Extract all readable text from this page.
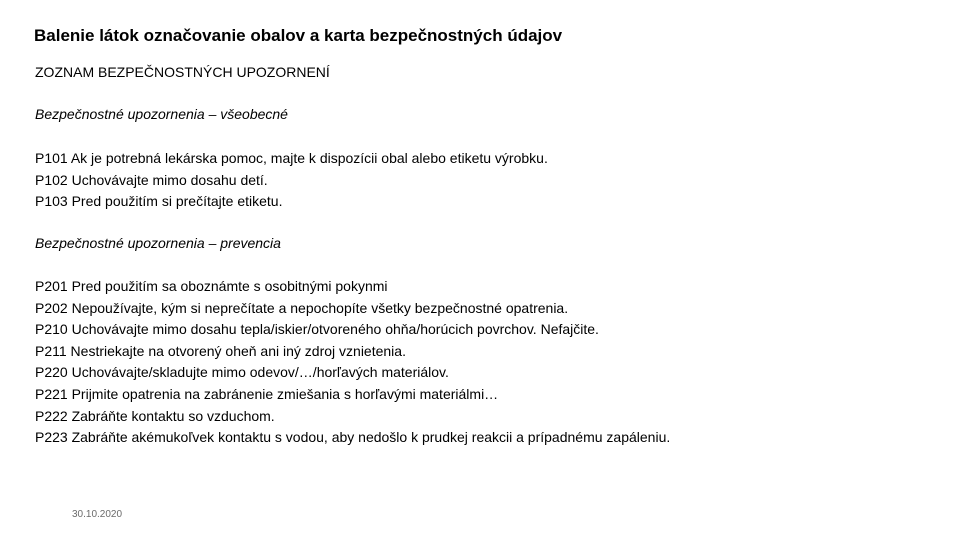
Balenie látok označovanie obalov a karta bezpečnostných údajov
ZOZNAM BEZPEČNOSTNÝCH UPOZORNENÍ
Bezpečnostné upozornenia – všeobecné
P101 Ak je potrebná lekárska pomoc, majte k dispozícii obal alebo etiketu výrobku.
P102 Uchovávajte mimo dosahu detí.
P103 Pred použitím si prečítajte etiketu.
Bezpečnostné upozornenia – prevencia
P201 Pred použitím sa oboznámte s osobitnými pokynmi
P202 Nepoužívajte, kým si neprečítate a nepochopíte všetky bezpečnostné opatrenia.
P210 Uchovávajte mimo dosahu tepla/iskier/otvoreného ohňa/horúcich povrchov. Nefajčite.
P211 Nestriekajte na otvorený oheň ani iný zdroj vznietenia.
P220 Uchovávajte/skladujte mimo odevov/…/horľavých materiálov.
P221 Prijmite opatrenia na zabránenie zmiešania s horľavými materiálmi…
P222 Zabráňte kontaktu so vzduchom.
P223 Zabráňte akémukoľvek kontaktu s vodou, aby nedošlo k prudkej reakcii a prípadnému zapáleniu.
30.10.2020
